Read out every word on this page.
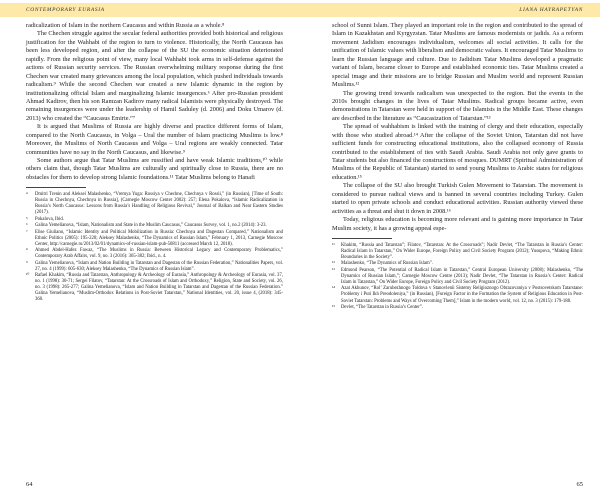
CONTEMPORARY EURASIA

radicalization of Islam in the northern Caucasus and within Russia as a whole.⁸

The Chechen struggle against the secular federal authorities provided both historical and religious justification for the Wahhabi of the region to turn to violence. Historically, the North Caucasus has been less developed region, and after the collapse of the SU the economic situation deteriorated rapidly. From the religious point of view, many local Wahhabi took arms in self-defense against the actions of Russian security services. The Russian overwhelming military response during the first Chechen war created many grievances among the local population, which pushed individuals towards radicalism.⁹ While the second Chechen war created a new Islamic dynamic in the region by institutionalizing official Islam and marginalizing Islamic insurgences.⁶ After pro-Russian president Ahmad Kadirov, then his son Ramzan Kadirov many radical Islamists were physically destroyed. The remaining insurgences were under the leadership of Hamil Saduley (d. 2006) and Doku Umarov (d. 2013) who created the “Caucasus Emirte.”⁷

It is argued that Muslims of Russia are highly diverse and practice different forms of Islam, compared to the North Caucasus, in Volga – Ural the number of Islam practicing Muslims is low.⁸ Moreover, the Muslims of North Caucasus and Volga – Ural regions are weakly connected. Tatar communities have no say in the North Caucasus, and likewise.⁹

Some authors argue that Tatar Muslims are russified and have weak Islamic traditions,¹⁰ while others claim that, though Tatar Muslims are culturally and spiritually close to Russia, there are no obstacles for them to develop strong Islamic foundations.¹¹ Tatar Muslims belong to Hanafi

⁴ Dmitri Trenin and Aleksei Malashenko, “Vremya Yuga: Rossiya v Chechne, Chechnya v Rossii,” (in Russian), [Time of South: Russia in Chechnya, Chechnya in Russia], (Carnegie Moscow Center 2002): 257; Elena Pokalova, “Islamic Radicalization in Russia’s North Caucasus: Lessons from Russia’s Handling of Religious Revival,” Journal of Balkan and Near Eastern Studies (2017).
⁵ Pokalova, Ibid.
⁶ Galina Yemelianova, “Islam, Nationalism and State in the Muslim Caucasus,” Caucasus Survey, vol. 1, no.2 (2014): 3-23.
⁷ Elise Giuliano, “Islamic Identity and Political Mobilization in Russia: Chechnya and Dagestan Compared,” Nationalism and Ethnic Politics (2005): 195-220; Aleksey Malashenko, “The Dynamics of Russian Islam,” February 1, 2013, Carnegie Moscow Center, http://carnegie.ru/2013/02/01/dynamics-of-russian-islam-pub-50811 (accessed March 12, 2018).
⁸ Ahmed Abdel-Hafez Fawaz, “The Muslims in Russia: Between Historical Legacy and Contemporary Problematics,” Contemporary Arab Affairs, vol. 9, no. 3 (2016): 365-382; Ibid., n. 4.
⁹ Galina Yemelianova, “Islam and Nation Building in Tatarstan and Dagestan of the Russian Federation,” Nationalities Papers, vol. 27, no. 4 (1999): 605-630; Aleksey Malashenko, “The Dynamics of Russian Islam”.
¹⁰ Rafael Khakim, “Russia and Tatarstan, Anthropology & Archeology of Eurasia,” Anthropology & Archeology of Eurasia, vol. 37, no. 1 (1998): 30-71; Sergei Filatov, “Tatarstan: At the Crossroads of Islam and Orthodoxy,” Religion, State and Society, vol. 26, no. 3 (1998): 265-277; Galina Yemelianova, “Islam and Nation Building in Tatarstan and Dagestan of the Russian Federation.” Galina Yemelianova, “Muslim-Orthodox Relations in Post-Soviet Tatarstan,” National Identities, vol. 20, issue 4, (2018): 345-360.
64
LIANA HAYRAPETYAN

school of Sunni Islam. They played an important role in the region and contributed to the spread of Islam in Kazakhstan and Kyrgyzstan. Tatar Muslims are famous modernists or jadids. As a reform movement Jadidism encourages individualism, welcomes all social activities. It calls for the unification of Islamic values with liberalism and democratic values. It encouraged Tatar Muslims to learn the Russian language and culture. Due to Jadidism Tatar Muslims developed a pragmatic variant of Islam, became closer to Europe and established economic ties. Tatar Muslims created a special image and their missions are to bridge Russian and Muslim world and represent Russian Muslims.¹²

The growing trend towards radicalism was unexpected to the region. But the events in the 2010s brought changes in the lives of Tatar Muslims. Radical groups became active, even demonstrations in Tatarstan were held in support of the Islamists in the Middle East. These changes are described in the literature as “Caucasization of Tatarstan.”¹³

The spread of wahhabism is linked with the training of clergy and their education, especially with those who studied abroad.¹⁴ After the collapse of the Soviet Union, Tatarstan did not have sufficient funds for constructing educational institutions, also the collapsed economy of Russia contributed to the establishment of ties with Saudi Arabia. Saudi Arabia not only gave grants to Tatar students but also financed the constructions of mosques. DUMRT (Spiritual Administration of Muslims of the Republic of Tatarstan) started to send young Muslims to Arabic states for religious education.¹⁵

The collapse of the SU also brought Turkish Gulen Movement to Tatarstan. The movement is considered to pursue radical views and is banned in several countries including Turkey. Gulen started to open private schools and conduct educational activities. Russian authority viewed these activities as a threat and shut it down in 2008.¹⁶

Today, religious education is becoming more relevant and is gaining more importance in Tatar Muslim society, it has a growing appeal espe-

¹¹ Khakim, “Russia and Tatarstan”; Filatov, “Tatarstan: At the Crossroads”; Nadir Devlet, “The Tatarstan in Russia’s Center: Radical Islam in Tatarstan,” On Wider Europe, Foreign Policy and Civil Society Program (2012); Yusupova, “Making Ethnic Boundaries in the Society”.
¹² Malashenko, “The Dynamics of Russian Islam”.
¹³ Edmond Pearson, “The Potential of Radical Islam in Tatarstan,” Central European University (2008); Malashenko, “The Dynamics of Russian Islam,”; Carnegie Moscow Centre (2013); Nadir Devlet, “The Tatarstan in Russia’s Center: Radical Islam in Tatarstan,” On Wider Europe, Foreign Policy and Civil Society Program (2012).
¹⁴ Azat Akhunov, “Rol’ Zarubezhnogo Toldova v Stanovlenii Sistemy Religioznogo Obrazovaniya v Postsovetskom Tatarstane: Problemy i Puti Ikh Preodoleniya,” (in Russian), [Foreign Factor in the Formation the System of Religious Education in Post-Soviet Tatarstan: Problems and Ways of Overcoming Them],” Islam in the modern world, vol. 12, no. 3 (2015): 179-188.
¹⁵ Devlet, “The Tatarstan in Russia’s Center”.
65
